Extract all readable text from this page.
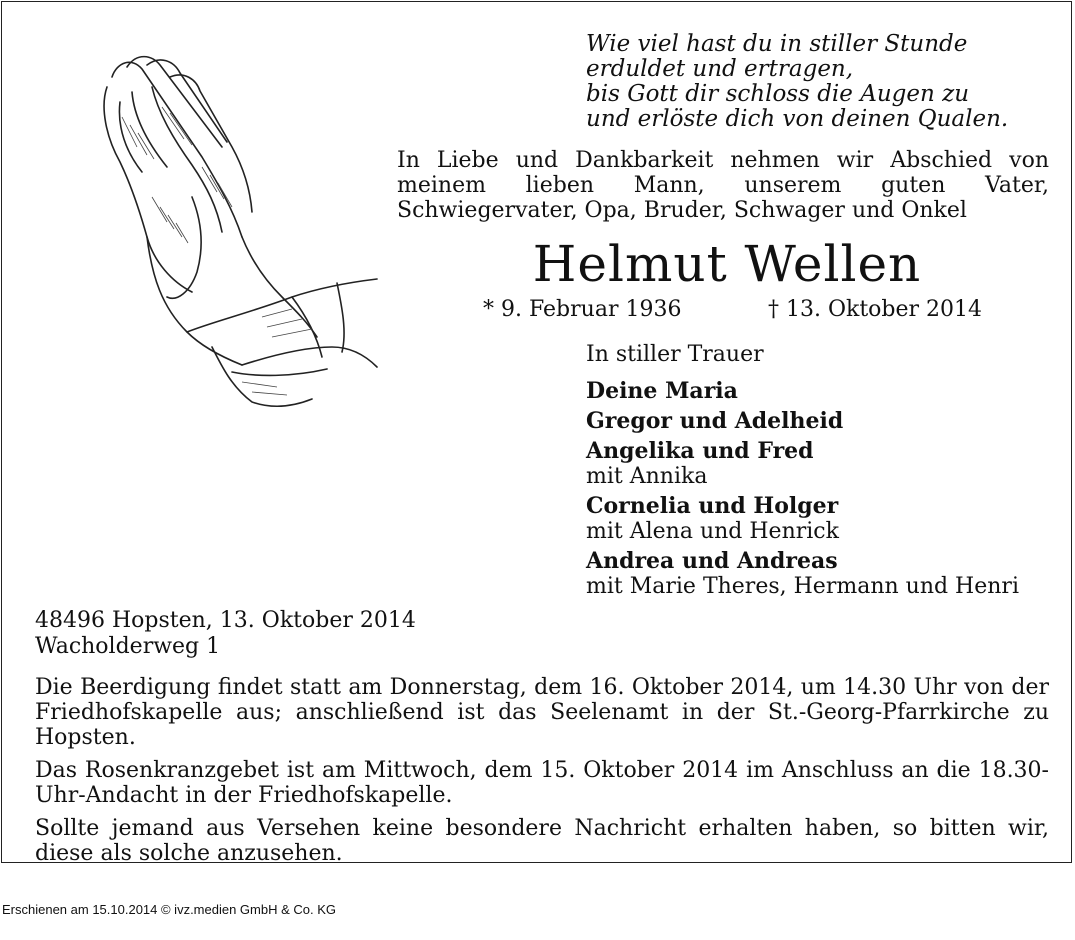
Wie viel hast du in stiller Stunde
erduldet und ertragen,
bis Gott dir schloss die Augen zu
und erlöste dich von deinen Qualen.
In Liebe und Dankbarkeit nehmen wir Abschied von meinem lieben Mann, unserem guten Vater, Schwiegervater, Opa, Bruder, Schwager und Onkel
Helmut Wellen
* 9. Februar 1936	† 13. Oktober 2014
In stiller Trauer
Deine Maria
Gregor und Adelheid
Angelika und Fred
mit Annika
Cornelia und Holger
mit Alena und Henrick
Andrea und Andreas
mit Marie Theres, Hermann und Henri
48496 Hopsten, 13. Oktober 2014
Wacholderweg 1

Die Beerdigung findet statt am Donnerstag, dem 16. Oktober 2014, um 14.30 Uhr von der Friedhofskapelle aus; anschließend ist das Seelenamt in der St.-Georg-Pfarrkirche zu Hopsten.

Das Rosenkranzgebet ist am Mittwoch, dem 15. Oktober 2014 im Anschluss an die 18.30-Uhr-Andacht in der Friedhofskapelle.

Sollte jemand aus Versehen keine besondere Nachricht erhalten haben, so bitten wir, diese als solche anzusehen.

Erschienen am 15.10.2014 © ivz.medien GmbH & Co. KG
